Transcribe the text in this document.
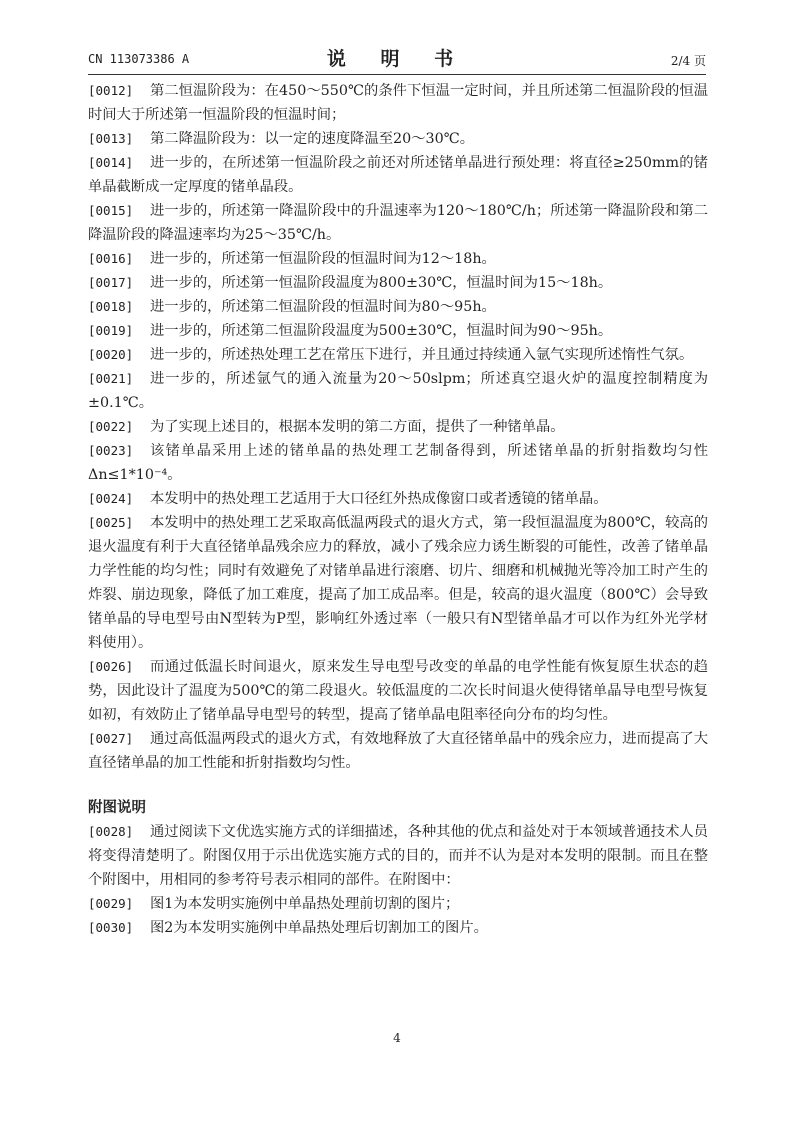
CN 113073386 A	说 明 书	2/4 页
[0012]	第二恒温阶段为：在450～550℃的条件下恒温一定时间，并且所述第二恒温阶段的恒温时间大于所述第一恒温阶段的恒温时间；
[0013]	第二降温阶段为：以一定的速度降温至20～30℃。
[0014]	进一步的，在所述第一恒温阶段之前还对所述锗单晶进行预处理：将直径≥250mm的锗单晶截断成一定厚度的锗单晶段。
[0015]	进一步的，所述第一降温阶段中的升温速率为120～180℃/h；所述第一降温阶段和第二降温阶段的降温速率均为25～35℃/h。
[0016]	进一步的，所述第一恒温阶段的恒温时间为12～18h。
[0017]	进一步的，所述第一恒温阶段温度为800±30℃，恒温时间为15～18h。
[0018]	进一步的，所述第二恒温阶段的恒温时间为80～95h。
[0019]	进一步的，所述第二恒温阶段温度为500±30℃，恒温时间为90～95h。
[0020]	进一步的，所述热处理工艺在常压下进行，并且通过持续通入氩气实现所述惰性气氛。
[0021]	进一步的，所述氩气的通入流量为20～50slpm；所述真空退火炉的温度控制精度为±0.1℃。
[0022]	为了实现上述目的，根据本发明的第二方面，提供了一种锗单晶。
[0023]	该锗单晶采用上述的锗单晶的热处理工艺制备得到，所述锗单晶的折射指数均匀性Δn≤1*10⁻⁴。
[0024]	本发明中的热处理工艺适用于大口径红外热成像窗口或者透镜的锗单晶。
[0025]	本发明中的热处理工艺采取高低温两段式的退火方式，第一段恒温温度为800℃，较高的退火温度有利于大直径锗单晶残余应力的释放，减小了残余应力诱生断裂的可能性，改善了锗单晶力学性能的均匀性；同时有效避免了对锗单晶进行滚磨、切片、细磨和机械抛光等冷加工时产生的炸裂、崩边现象，降低了加工难度，提高了加工成品率。但是，较高的退火温度（800℃）会导致锗单晶的导电型号由N型转为P型，影响红外透过率（一般只有N型锗单晶才可以作为红外光学材料使用）。
[0026]	而通过低温长时间退火，原来发生导电型号改变的单晶的电学性能有恢复原生状态的趋势，因此设计了温度为500℃的第二段退火。较低温度的二次长时间退火使得锗单晶导电型号恢复如初，有效防止了锗单晶导电型号的转型，提高了锗单晶电阻率径向分布的均匀性。
[0027]	通过高低温两段式的退火方式，有效地释放了大直径锗单晶中的残余应力，进而提高了大直径锗单晶的加工性能和折射指数均匀性。
附图说明
[0028]	通过阅读下文优选实施方式的详细描述，各种其他的优点和益处对于本领域普通技术人员将变得清楚明了。附图仅用于示出优选实施方式的目的，而并不认为是对本发明的限制。而且在整个附图中，用相同的参考符号表示相同的部件。在附图中：
[0029]	图1为本发明实施例中单晶热处理前切割的图片；
[0030]	图2为本发明实施例中单晶热处理后切割加工的图片。
4
